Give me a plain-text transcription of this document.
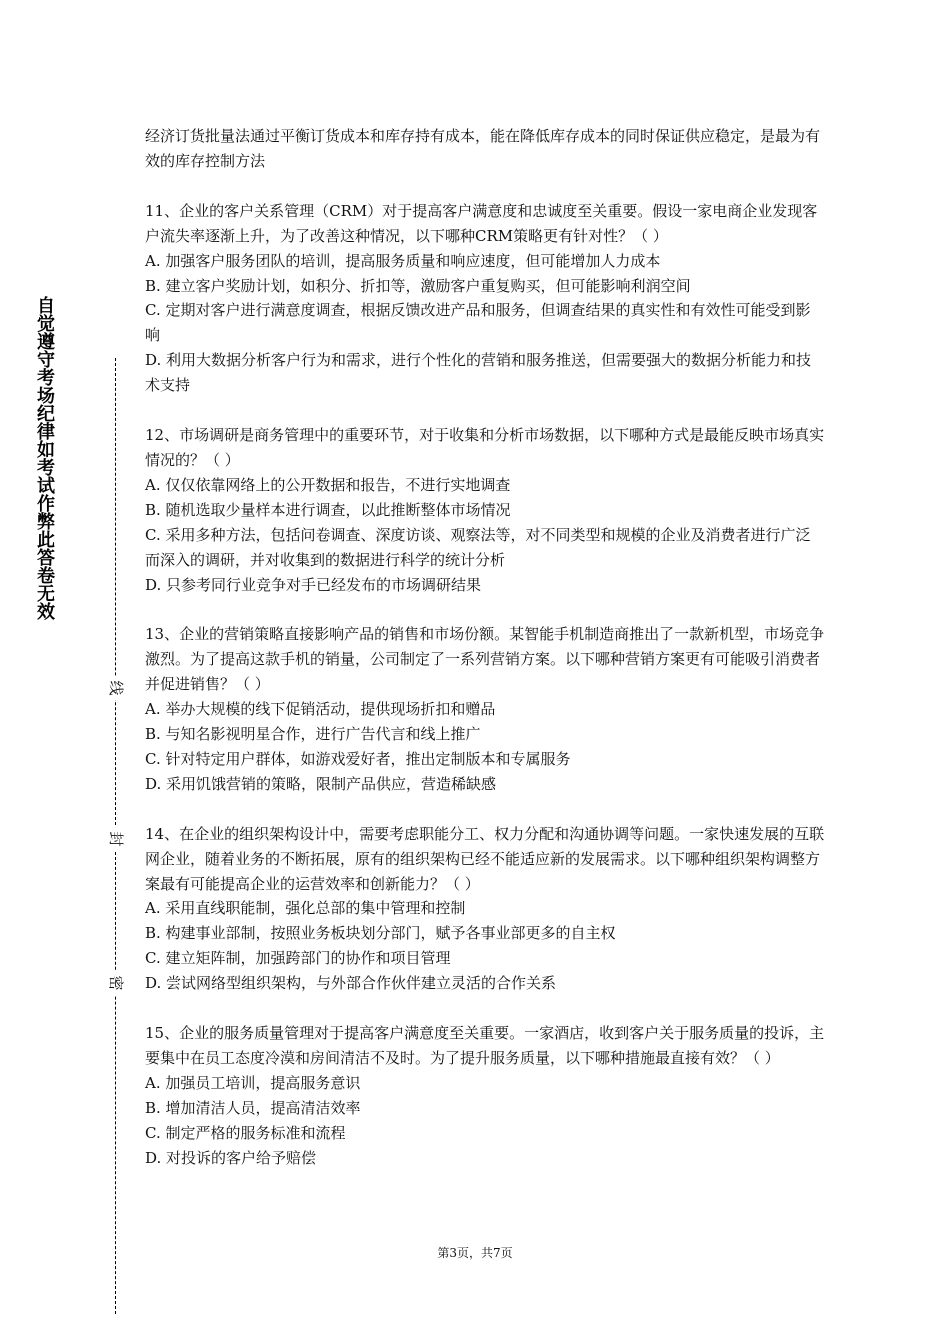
自觉遵守考场纪律如考试作弊此答卷无效
线
封
密

经济订货批量法通过平衡订货成本和库存持有成本，能在降低库存成本的同时保证供应稳定，是最为有效的库存控制方法

11、企业的客户关系管理（CRM）对于提高客户满意度和忠诚度至关重要。假设一家电商企业发现客户流失率逐渐上升，为了改善这种情况，以下哪种CRM策略更有针对性？（ ）

A. 加强客户服务团队的培训，提高服务质量和响应速度，但可能增加人力成本

B. 建立客户奖励计划，如积分、折扣等，激励客户重复购买，但可能影响利润空间

C. 定期对客户进行满意度调查，根据反馈改进产品和服务，但调查结果的真实性和有效性可能受到影响

D. 利用大数据分析客户行为和需求，进行个性化的营销和服务推送，但需要强大的数据分析能力和技术支持

12、市场调研是商务管理中的重要环节，对于收集和分析市场数据，以下哪种方式是最能反映市场真实情况的？（ ）

A. 仅仅依靠网络上的公开数据和报告，不进行实地调查

B. 随机选取少量样本进行调查，以此推断整体市场情况

C. 采用多种方法，包括问卷调查、深度访谈、观察法等，对不同类型和规模的企业及消费者进行广泛而深入的调研，并对收集到的数据进行科学的统计分析

D. 只参考同行业竞争对手已经发布的市场调研结果

13、企业的营销策略直接影响产品的销售和市场份额。某智能手机制造商推出了一款新机型，市场竞争激烈。为了提高这款手机的销量，公司制定了一系列营销方案。以下哪种营销方案更有可能吸引消费者并促进销售？（ ）

A. 举办大规模的线下促销活动，提供现场折扣和赠品

B. 与知名影视明星合作，进行广告代言和线上推广

C. 针对特定用户群体，如游戏爱好者，推出定制版本和专属服务

D. 采用饥饿营销的策略，限制产品供应，营造稀缺感

14、在企业的组织架构设计中，需要考虑职能分工、权力分配和沟通协调等问题。一家快速发展的互联网企业，随着业务的不断拓展，原有的组织架构已经不能适应新的发展需求。以下哪种组织架构调整方案最有可能提高企业的运营效率和创新能力？（ ）

A. 采用直线职能制，强化总部的集中管理和控制

B. 构建事业部制，按照业务板块划分部门，赋予各事业部更多的自主权

C. 建立矩阵制，加强跨部门的协作和项目管理

D. 尝试网络型组织架构，与外部合作伙伴建立灵活的合作关系

15、企业的服务质量管理对于提高客户满意度至关重要。一家酒店，收到客户关于服务质量的投诉，主要集中在员工态度冷漠和房间清洁不及时。为了提升服务质量，以下哪种措施最直接有效？（ ）

A. 加强员工培训，提高服务意识

B. 增加清洁人员，提高清洁效率

C. 制定严格的服务标准和流程

D. 对投诉的客户给予赔偿

第3页，共7页
